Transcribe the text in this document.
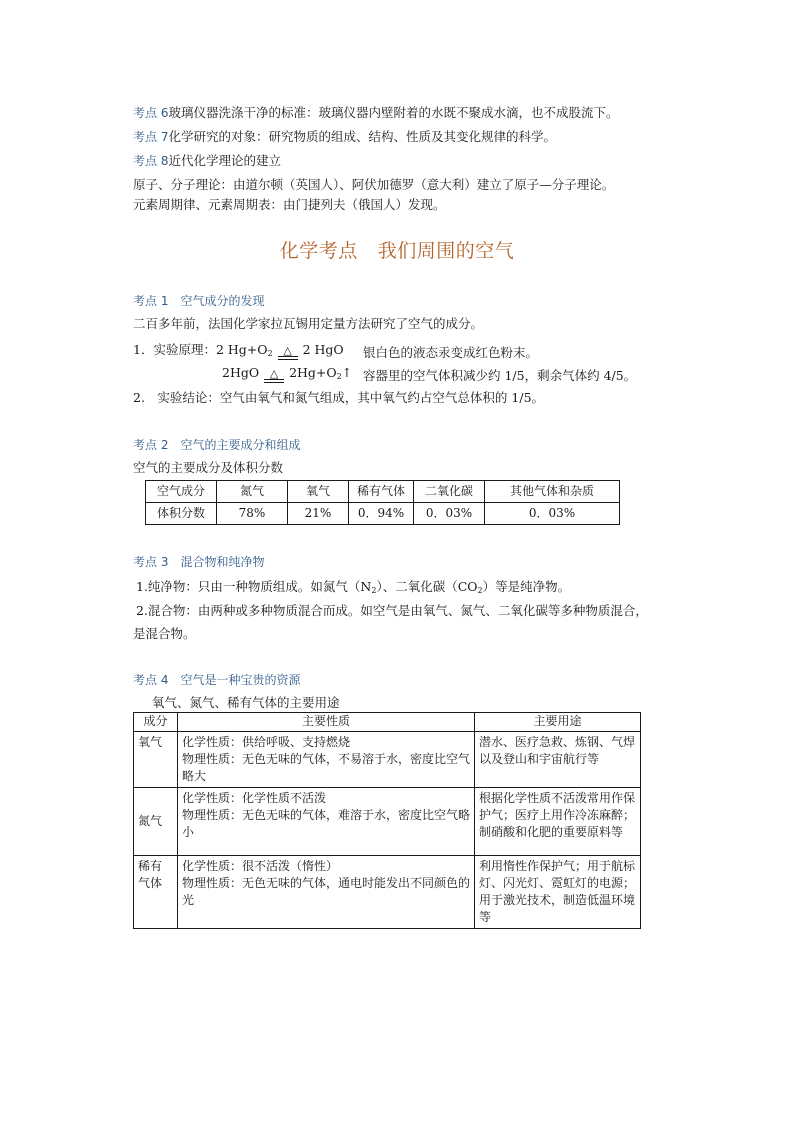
考点 6玻璃仪器洗涤干净的标准：玻璃仪器内壁附着的水既不聚成水滴，也不成股流下。
考点 7化学研究的对象：研究物质的组成、结构、性质及其变化规律的科学。
考点 8近代化学理论的建立
原子、分子理论：由道尔顿（英国人）、阿伏加德罗（意大利）建立了原子—分子理论。
元素周期律、元素周期表：由门捷列夫（俄国人）发现。
化学考点 我们周围的空气
考点 1 空气成分的发现
二百多年前，法国化学家拉瓦锡用定量方法研究了空气的成分。
1．实验原理：2 $Hg+O_2$ △ 2 HgO 银白色的液态汞变成红色粉末。
2HgO △ $2Hg+O_2↑$ 容器里的空气体积减少约 1/5，剩余气体约 4/5。
2.　实验结论：空气由氧气和氮气组成，其中氧气约占空气总体积的 1/5。
考点 2 空气的主要成分和组成
空气的主要成分及体积分数
空气成分	氮气	氧气	稀有气体	二氧化碳	其他气体和杂质
体积分数	78%	21%	0．94%	0．03%	0．03%
考点 3 混合物和纯净物
1.纯净物：只由一种物质组成。如氮气$(N_2)$、二氧化碳$(CO_2)$等是纯净物。
2.混合物：由两种或多种物质混合而成。如空气是由氧气、氮气、二氧化碳等多种物质混合，
是混合物。
考点 4 空气是一种宝贵的资源
氧气、氮气、稀有气体的主要用途
成分	主要性质	主要用途
氧气	化学性质：供给呼吸、支持燃烧
物理性质：无色无味的气体，不易溶于水，密度比空气略大	潜水、医疗急救、炼钢、气焊以及登山和宇宙航行等
氮气	化学性质：化学性质不活泼
物理性质：无色无味的气体，难溶于水，密度比空气略小	根据化学性质不活泼常用作保护气；医疗上用作冷冻麻醉；制硝酸和化肥的重要原料等
稀有气体	化学性质：很不活泼（惰性）
物理性质：无色无味的气体，通电时能发出不同颜色的光	利用惰性作保护气；用于航标灯、闪光灯、霓虹灯的电源；用于激光技术，制造低温环境等
